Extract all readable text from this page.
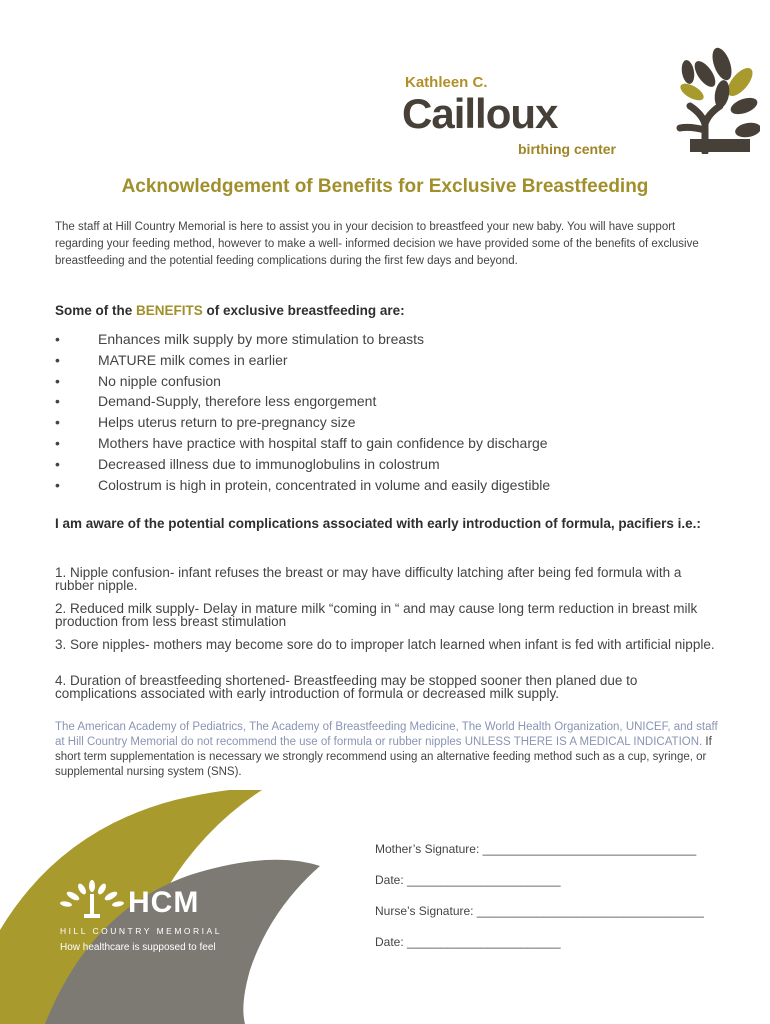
Kathleen C.
Cailloux
birthing center
Acknowledgement of Benefits for Exclusive Breastfeeding
The staff at Hill Country Memorial is here to assist you in your decision to breastfeed your new baby. You will have support regarding your feeding method, however to make a well- informed decision we have provided some of the benefits of exclusive breastfeeding and the potential feeding complications during the first few days and beyond.
Some of the BENEFITS of exclusive breastfeeding are:
•	Enhances milk supply by more stimulation to breasts
•	MATURE milk comes in earlier
•	No nipple confusion
•	Demand-Supply, therefore less engorgement
•	Helps uterus return to pre-pregnancy size
•	Mothers have practice with hospital staff to gain confidence by discharge
•	Decreased illness due to immunoglobulins in colostrum
•	Colostrum is high in protein, concentrated in volume and easily digestible
I am aware of the potential complications associated with early introduction of formula, pacifiers i.e.:
1. Nipple confusion- infant refuses the breast or may have difficulty latching after being fed formula with a rubber nipple.
2. Reduced milk supply- Delay in mature milk “coming in “ and may cause long term reduction in breast milk production from less breast stimulation
3. Sore nipples- mothers may become sore do to improper latch learned when infant is fed with artificial nipple.
4. Duration of breastfeeding shortened- Breastfeeding may be stopped sooner then planed due to complications associated with early introduction of formula or decreased milk supply.
The American Academy of Pediatrics, The Academy of Breastfeeding Medicine, The World Health Organization, UNICEF, and staff at Hill Country Memorial do not recommend the use of formula or rubber nipples UNLESS THERE IS A MEDICAL INDICATION. If short term supplementation is necessary we strongly recommend using an alternative feeding method such as a cup, syringe, or supplemental nursing system (SNS).
HCM
HILL COUNTRY MEMORIAL
How healthcare is supposed to feel
Mother’s Signature: ________________________________
Date: _______________________
Nurse’s Signature: __________________________________
Date: _______________________
